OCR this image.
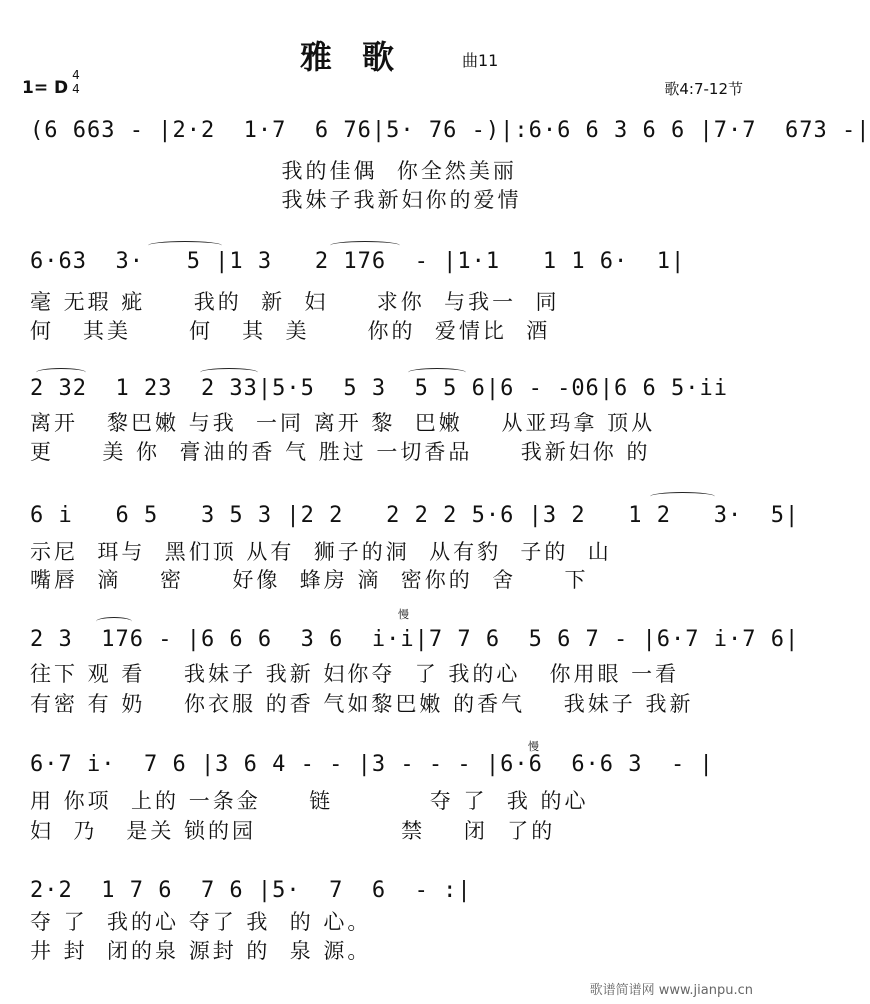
雅歌 曲11
1= D
4
4	歌4:7-12节
(6 663 - |2·2  1·7  6 76|5· 76 -)|:6·6 6 3 6 6 |7·7  673 -|
我的佳偶  你全然美丽
我妹子我新妇你的爱情
6·63  3·   5 |1 3   2 176  - |1·1   1 1 6·  1|
毫 无瑕 疵     我的  新  妇     求你  与我一  同
何   其美      何   其  美      你的  爱情比  酒
2 32  1 23  2 33|5·5  5 3  5 5 6|6 - -06|6 6 5·ii
离开   黎巴嫩 与我  一同 离开 黎  巴嫩    从亚玛拿 顶从
更     美 你  膏油的香 气 胜过 一切香品     我新妇你 的
6 i   6 5   3 5 3 |2 2   2 2 2 5·6 |3 2   1 2   3·  5|
示尼  珥与  黑们顶 从有  狮子的洞  从有豹  子的  山
嘴唇  滴    密     好像  蜂房 滴  密你的  舍     下
慢
2 3  176 - |6 6 6  3 6  i·i|7 7 6  5 6 7 - |6·7 i·7 6|
往下 观 看    我妹子 我新 妇你夺  了 我的心   你用眼 一看
有密 有 奶    你衣服 的香 气如黎巴嫩 的香气    我妹子 我新
慢
6·7 i·  7 6 |3 6 4 - - |3 - - - |6·6  6·6 3  - |
用 你项  上的 一条金     链          夺 了  我 的心
妇  乃   是关 锁的园               禁    闭  了的
2·2  1 7 6  7 6 |5·  7  6  - :|
夺 了  我的心 夺了 我  的 心。
井 封  闭的泉 源封 的  泉 源。
歌谱简谱网 www.jianpu.cn
